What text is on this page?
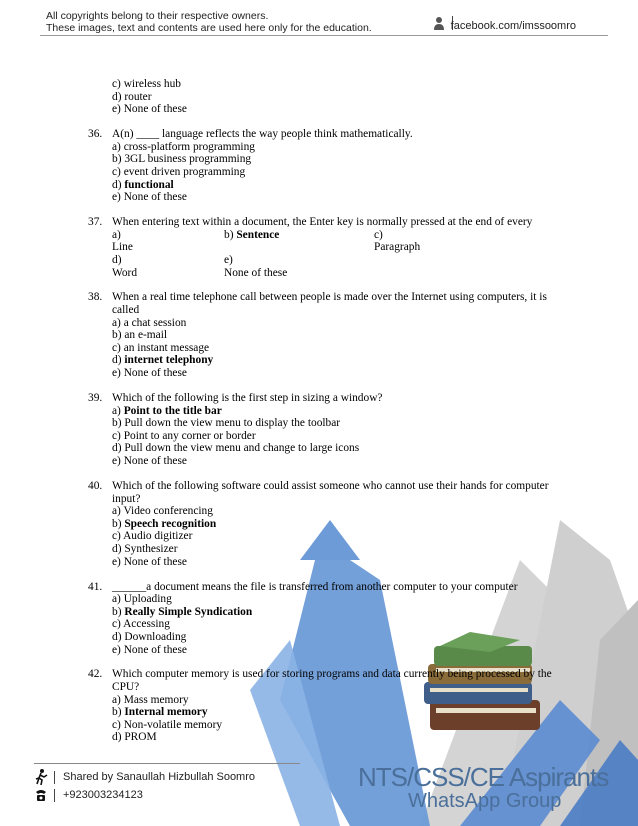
All copyrights belong to their respective owners.
These images, text and contents are used here only for the education.	facebook.com/imssoomro
c) wireless hub
d) router
e) None of these
36. A(n) ____ language reflects the way people think mathematically.
a) cross-platform programming
b) 3GL business programming
c) event driven programming
d) functional
e) None of these
37. When entering text within a document, the Enter key is normally pressed at the end of every
a)
Line
b) Sentence	c)
Paragraph
d)
Word
e)
None of these
38. When a real time telephone call between people is made over the Internet using computers, it is called
a) a chat session
b) an e-mail
c) an instant message
d) internet telephony
e) None of these
39. Which of the following is the first step in sizing a window?
a) Point to the title bar
b) Pull down the view menu to display the toolbar
c) Point to any corner or border
d) Pull down the view menu and change to large icons
e) None of these
40. Which of the following software could assist someone who cannot use their hands for computer input?
a) Video conferencing
b) Speech recognition
c) Audio digitizer
d) Synthesizer
e) None of these
41. ______a document means the file is transferred from another computer to your computer
a) Uploading
b) Really Simple Syndication
c) Accessing
d) Downloading
e) None of these
42. Which computer memory is used for storing programs and data currently being processed by the CPU?
a) Mass memory
b) Internal memory
c) Non-volatile memory
d) PROM
Shared by Sanaullah Hizbullah Soomro
+923003234123
NTS/CSS/CE Aspirants
WhatsApp Group
